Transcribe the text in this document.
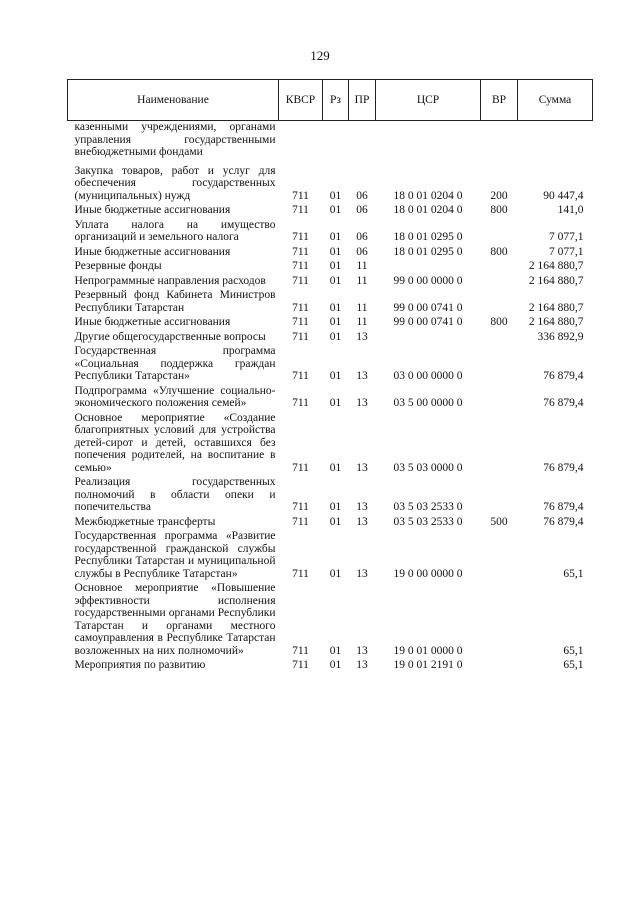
129
Наименование	КВСР	Рз	ПР	ЦСР	ВР	Сумма
казенными учреждениями, органами управления государственными внебюджетными фондами						

Закупка товаров, работ и услуг для обеспечения государственных (муниципальных) нужд	711	01	06	18 0 01 0204 0	200	90 447,4
Иные бюджетные ассигнования	711	01	06	18 0 01 0204 0	800	141,0
Уплата налога на имущество организаций и земельного налога	711	01	06	18 0 01 0295 0		7 077,1
Иные бюджетные ассигнования	711	01	06	18 0 01 0295 0	800	7 077,1
Резервные фонды	711	01	11			2 164 880,7
Непрограммные направления расходов	711	01	11	99 0 00 0000 0		2 164 880,7
Резервный фонд Кабинета Министров Республики Татарстан	711	01	11	99 0 00 0741 0		2 164 880,7
Иные бюджетные ассигнования	711	01	11	99 0 00 0741 0	800	2 164 880,7
Другие общегосударственные вопросы	711	01	13			336 892,9
Государственная программа «Социальная поддержка граждан Республики Татарстан»	711	01	13	03 0 00 0000 0		76 879,4
Подпрограмма «Улучшение социально-экономического положения семей»	711	01	13	03 5 00 0000 0		76 879,4
Основное мероприятие «Создание благоприятных условий для устройства детей-сирот и детей, оставшихся без попечения родителей, на воспитание в семью»	711	01	13	03 5 03 0000 0		76 879,4
Реализация государственных полномочий в области опеки и попечительства	711	01	13	03 5 03 2533 0		76 879,4
Межбюджетные трансферты	711	01	13	03 5 03 2533 0	500	76 879,4
Государственная программа «Развитие государственной гражданской службы Республики Татарстан и муниципальной службы в Республике Татарстан»	711	01	13	19 0 00 0000 0		65,1
Основное мероприятие «Повышение эффективности исполнения государственными органами Республики Татарстан и органами местного самоуправления в Республике Татарстан возложенных на них полномочий»	711	01	13	19 0 01 0000 0		65,1
Мероприятия по развитию	711	01	13	19 0 01 2191 0		65,1
